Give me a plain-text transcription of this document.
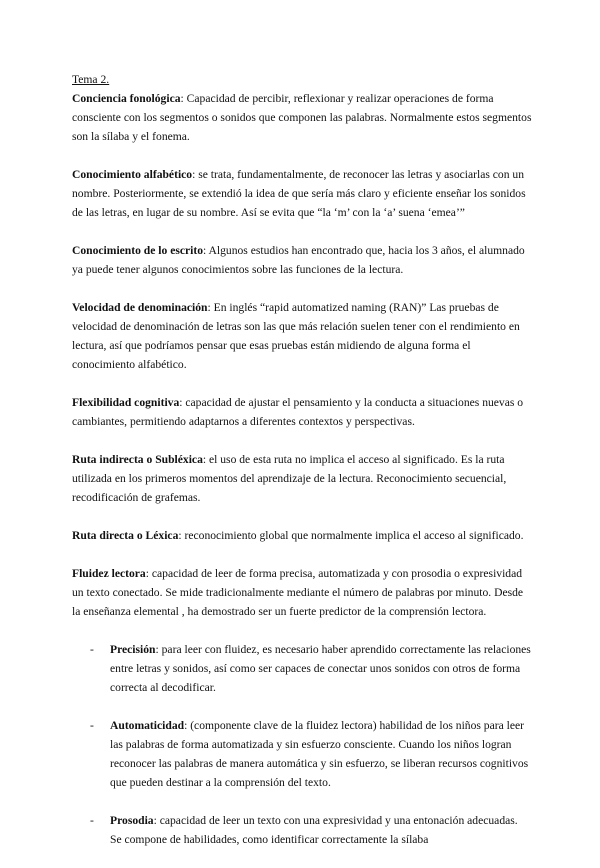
Tema 2.

Conciencia fonológica: Capacidad de percibir, reflexionar y realizar operaciones de forma consciente con los segmentos o sonidos que componen las palabras. Normalmente estos segmentos son la sílaba y el fonema.

Conocimiento alfabético: se trata, fundamentalmente, de reconocer las letras y asociarlas con un nombre. Posteriormente, se extendió la idea de que sería más claro y eficiente enseñar los sonidos de las letras, en lugar de su nombre. Así se evita que “la ‘m’ con la ‘a’ suena ‘emea’”

Conocimiento de lo escrito: Algunos estudios han encontrado que, hacia los 3 años, el alumnado ya puede tener algunos conocimientos sobre las funciones de la lectura.

Velocidad de denominación: En inglés “rapid automatized naming (RAN)” Las pruebas de velocidad de denominación de letras son las que más relación suelen tener con el rendimiento en lectura, así que podríamos pensar que esas pruebas están midiendo de alguna forma el conocimiento alfabético.

Flexibilidad cognitiva: capacidad de ajustar el pensamiento y la conducta a situaciones nuevas o cambiantes, permitiendo adaptarnos a diferentes contextos y perspectivas.

Ruta indirecta o Subléxica: el uso de esta ruta no implica el acceso al significado. Es la ruta utilizada en los primeros momentos del aprendizaje de la lectura. Reconocimiento secuencial, recodificación de grafemas.

Ruta directa o Léxica: reconocimiento global que normalmente implica el acceso al significado.

Fluidez lectora: capacidad de leer de forma precisa, automatizada y con prosodia o expresividad un texto conectado. Se mide tradicionalmente mediante el número de palabras por minuto. Desde la enseñanza elemental , ha demostrado ser un fuerte predictor de la comprensión lectora.

- Precisión: para leer con fluidez, es necesario haber aprendido correctamente las relaciones entre letras y sonidos, así como ser capaces de conectar unos sonidos con otros de forma correcta al decodificar.
- Automaticidad: (componente clave de la fluidez lectora) habilidad de los niños para leer las palabras de forma automatizada y sin esfuerzo consciente. Cuando los niños logran reconocer las palabras de manera automática y sin esfuerzo, se liberan recursos cognitivos que pueden destinar a la comprensión del texto.
- Prosodia: capacidad de leer un texto con una expresividad y una entonación adecuadas. Se compone de habilidades, como identificar correctamente la sílaba
